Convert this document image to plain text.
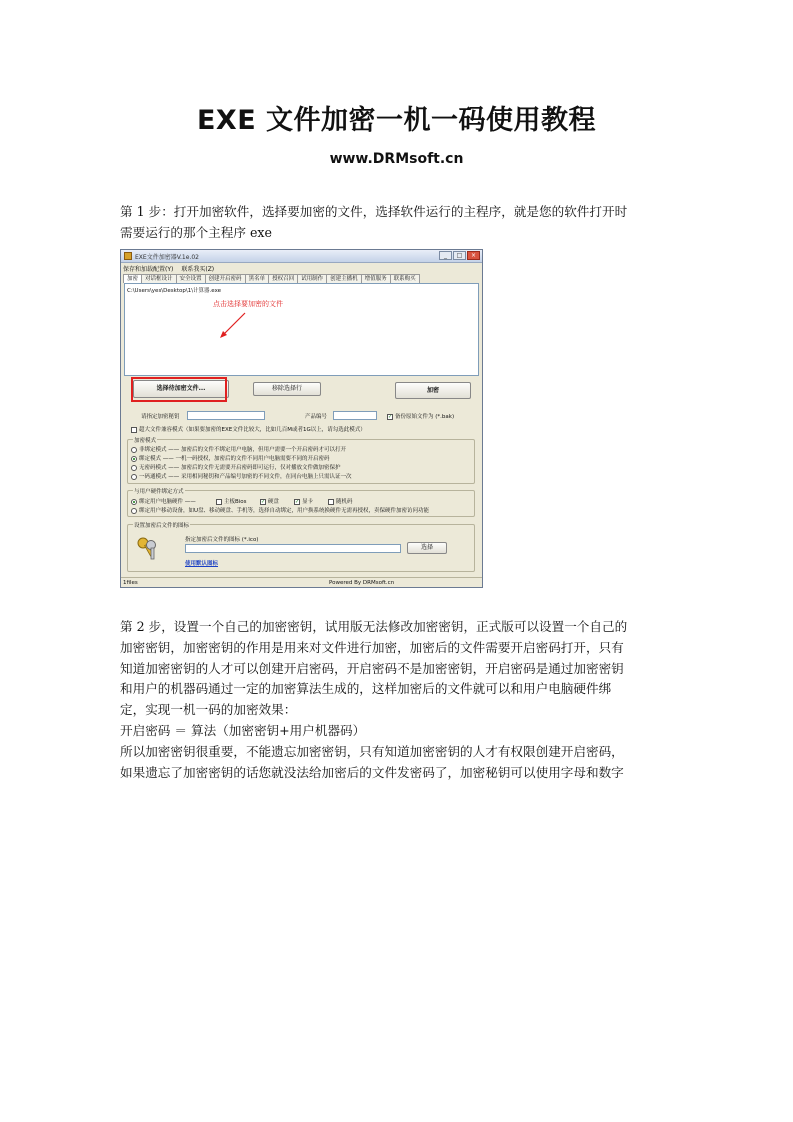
EXE 文件加密一机一码使用教程
www.DRMsoft.cn

第 1 步：打开加密软件，选择要加密的文件，选择软件运行的主程序，就是您的软件打开时

需要运行的那个主程序 exe

EXE文件加密器V.1e.02	_	□	×
保存和加载配置(Y) 联系我买(Z)
加密	对话框设计	安全设置	创建开启密码	黑名单	授权召回	试用制作	创建主播机	增值服务	联系购买
C:\Users\yes\Desktop\1\计算器.exe
点击选择要加密的文件
选择待加密文件...	移除选择行	加密
请指定加密秘钥	产品编号	✓ 备份原始文件为 (*.bak)
超大文件兼容模式（如果要加密的EXE文件比较大，比如几百M或者1G以上，请勾选此模式）
加密模式
非绑定模式 —— 加密后的文件不绑定用户电脑，但用户需要一个开启密码才可以打开
绑定模式 —— 一机一码授权，加密后的文件不同用户电脑需要不同的开启密码
无密码模式 —— 加密后的文件无需要开启密码即可运行，仅对播放文件做加密保护
一码通模式 —— 采用相同秘钥和产品编号加密的不同文件，在同台电脑上只需认证一次
与用户硬件绑定方式
绑定用户电脑硬件 ——	主板Bios	✓ 硬盘	✓ 显卡	随机码
绑定用户移动设备，如U盘、移动硬盘、手机等，选择自动绑定，用户换系统换硬件无需再授权，卖保硬件加密访问功能
设置加密后文件的图标
指定加密后文件的图标 (*.ico)
选择
使用默认图标
1files	Powered By DRMsoft.cn

第 2 步，设置一个自己的加密密钥，试用版无法修改加密密钥，正式版可以设置一个自己的

加密密钥，加密密钥的作用是用来对文件进行加密，加密后的文件需要开启密码打开，只有

知道加密密钥的人才可以创建开启密码，开启密码不是加密密钥，开启密码是通过加密密钥

和用户的机器码通过一定的加密算法生成的，这样加密后的文件就可以和用户电脑硬件绑

定，实现一机一码的加密效果：

开启密码 ＝ 算法（加密密钥+用户机器码）

所以加密密钥很重要，不能遗忘加密密钥，只有知道加密密钥的人才有权限创建开启密码，

如果遗忘了加密密钥的话您就没法给加密后的文件发密码了，加密秘钥可以使用字母和数字
